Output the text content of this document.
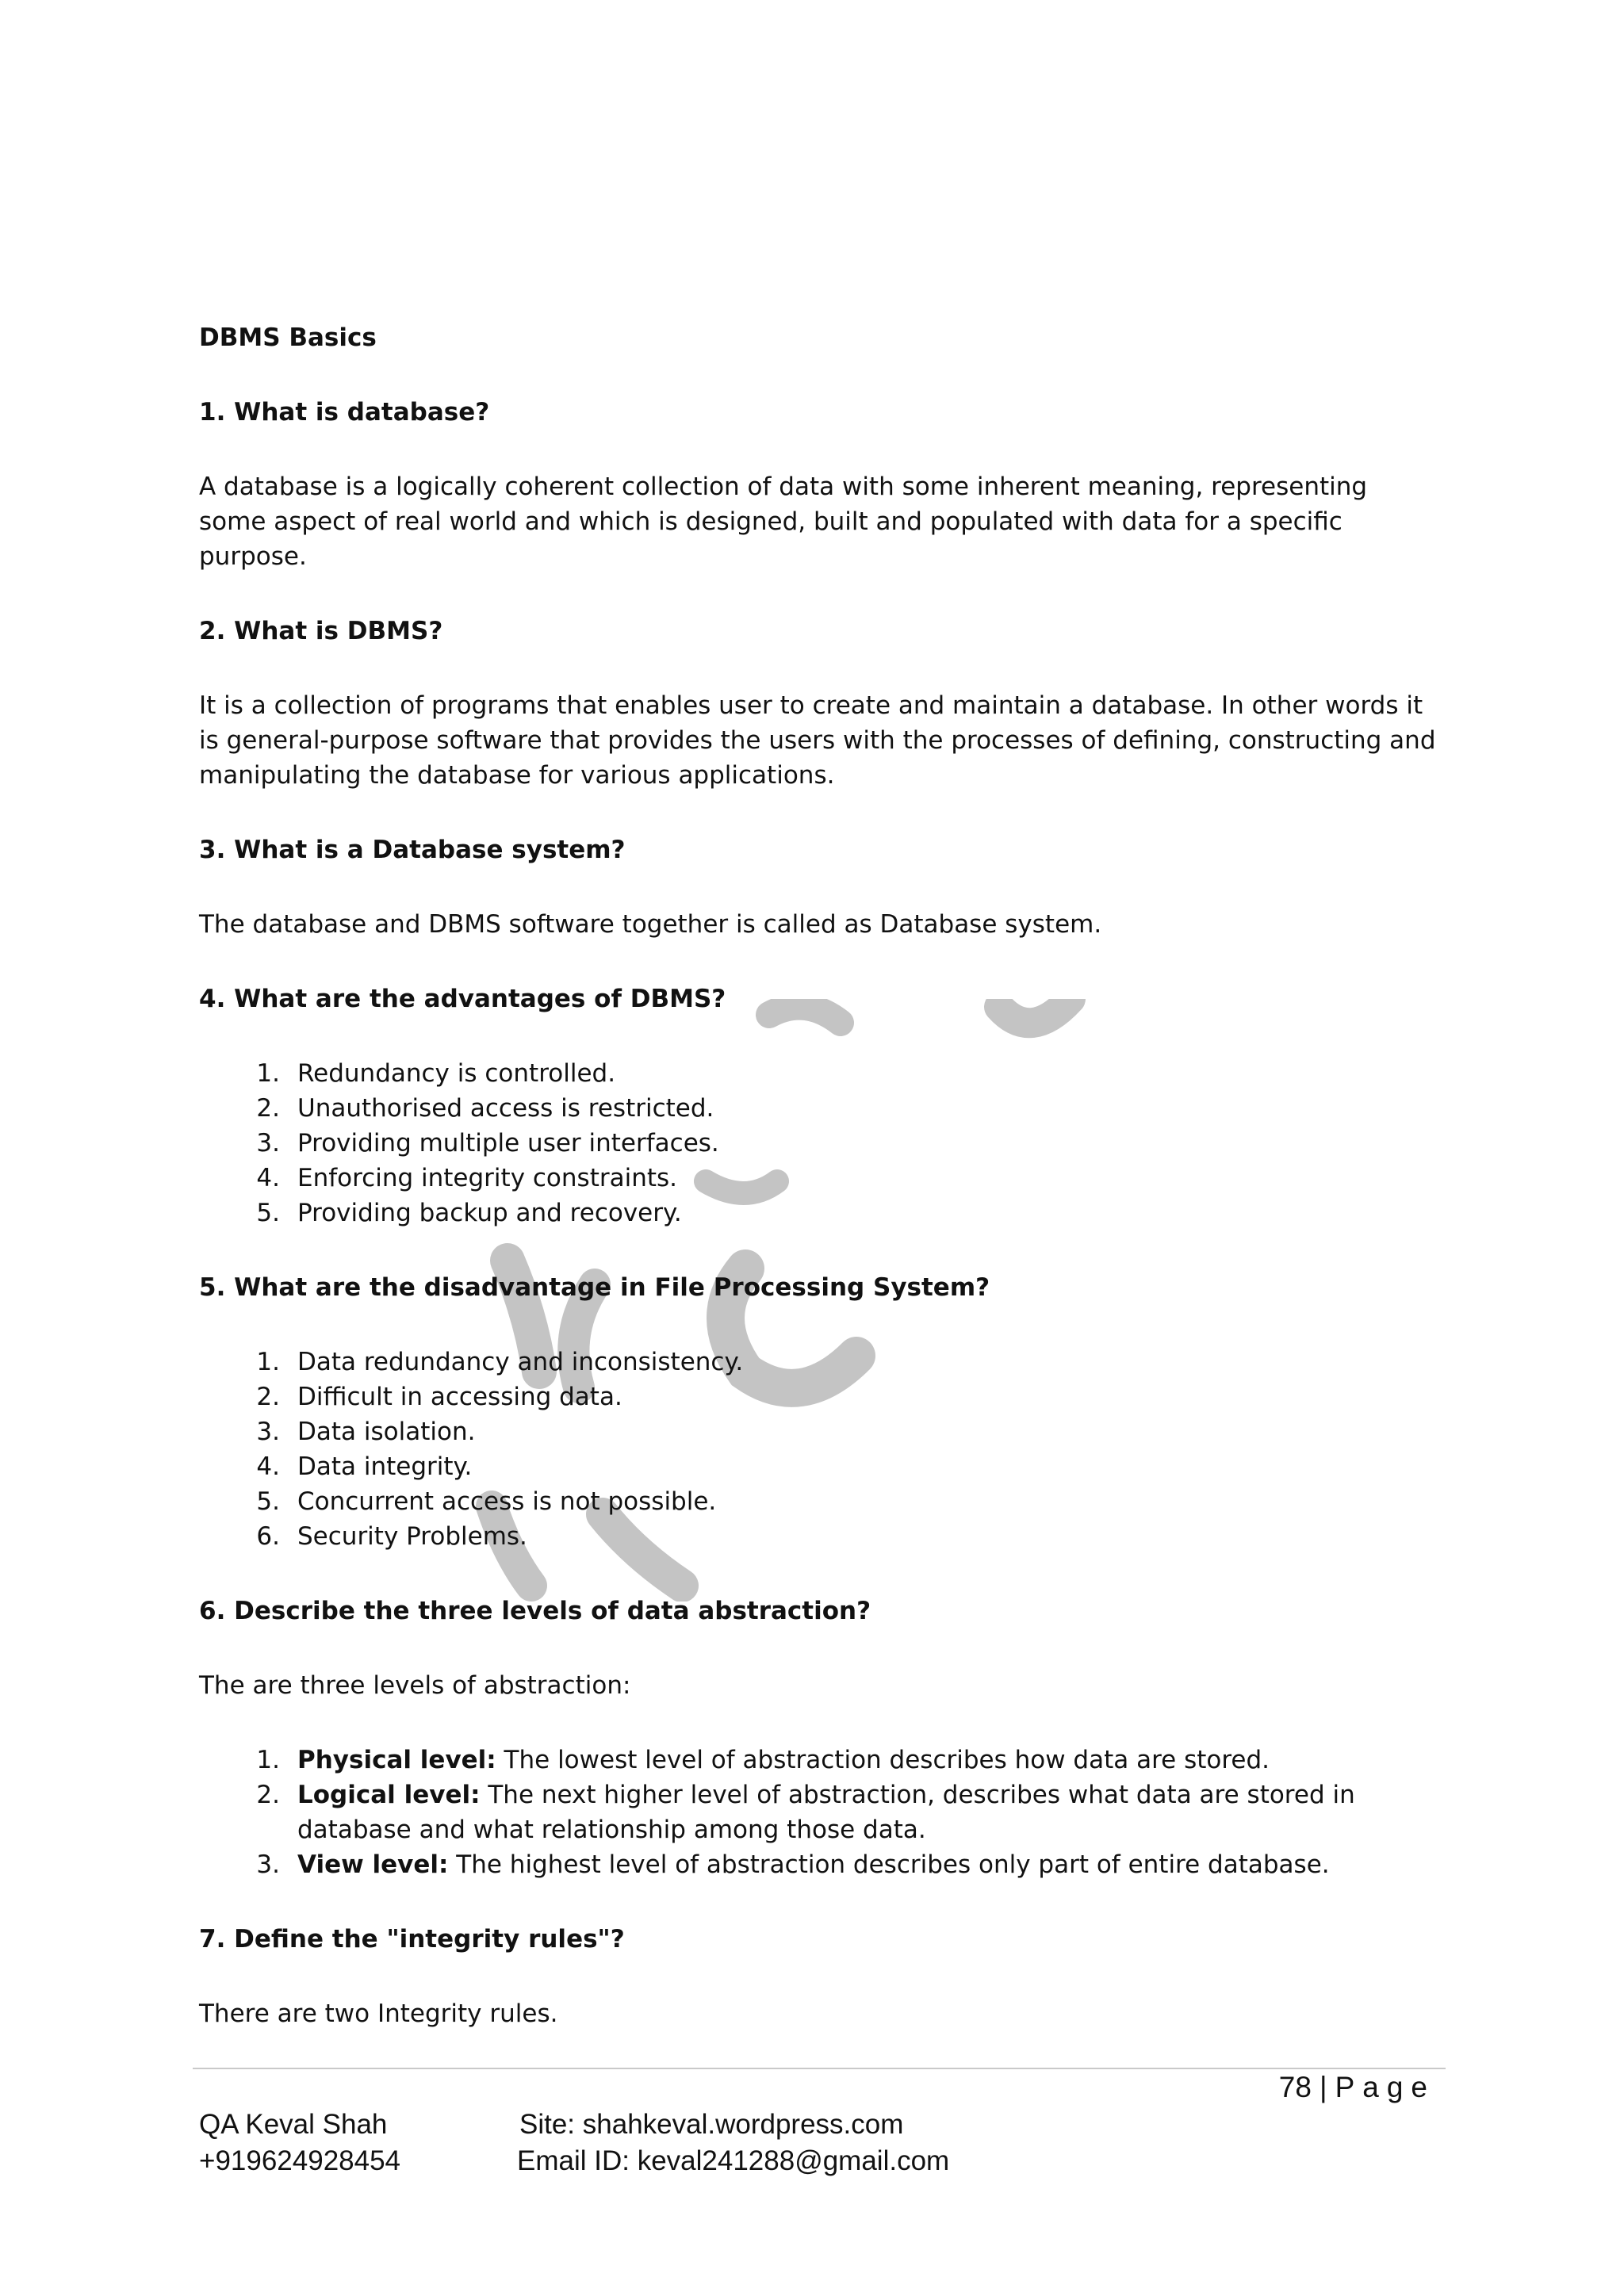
DBMS Basics
1. What is database?
A database is a logically coherent collection of data with some inherent meaning, representing some aspect of real world and which is designed, built and populated with data for a specific purpose.
2. What is DBMS?
It is a collection of programs that enables user to create and maintain a database. In other words it is general-purpose software that provides the users with the processes of defining, constructing and manipulating the database for various applications.
3. What is a Database system?
The database and DBMS software together is called as Database system.
4. What are the advantages of DBMS?
1. Redundancy is controlled.
2. Unauthorised access is restricted.
3. Providing multiple user interfaces.
4. Enforcing integrity constraints.
5. Providing backup and recovery.
5. What are the disadvantage in File Processing System?
1. Data redundancy and inconsistency.
2. Difficult in accessing data.
3. Data isolation.
4. Data integrity.
5. Concurrent access is not possible.
6. Security Problems.
6. Describe the three levels of data abstraction?
The are three levels of abstraction:
1. Physical level: The lowest level of abstraction describes how data are stored.
2. Logical level: The next higher level of abstraction, describes what data are stored in database and what relationship among those data.
3. View level: The highest level of abstraction describes only part of entire database.
7. Define the "integrity rules"?
There are two Integrity rules.
78 | Page
QA Keval Shah
+919624928454
Site: shahkeval.wordpress.com
Email ID: keval241288@gmail.com
